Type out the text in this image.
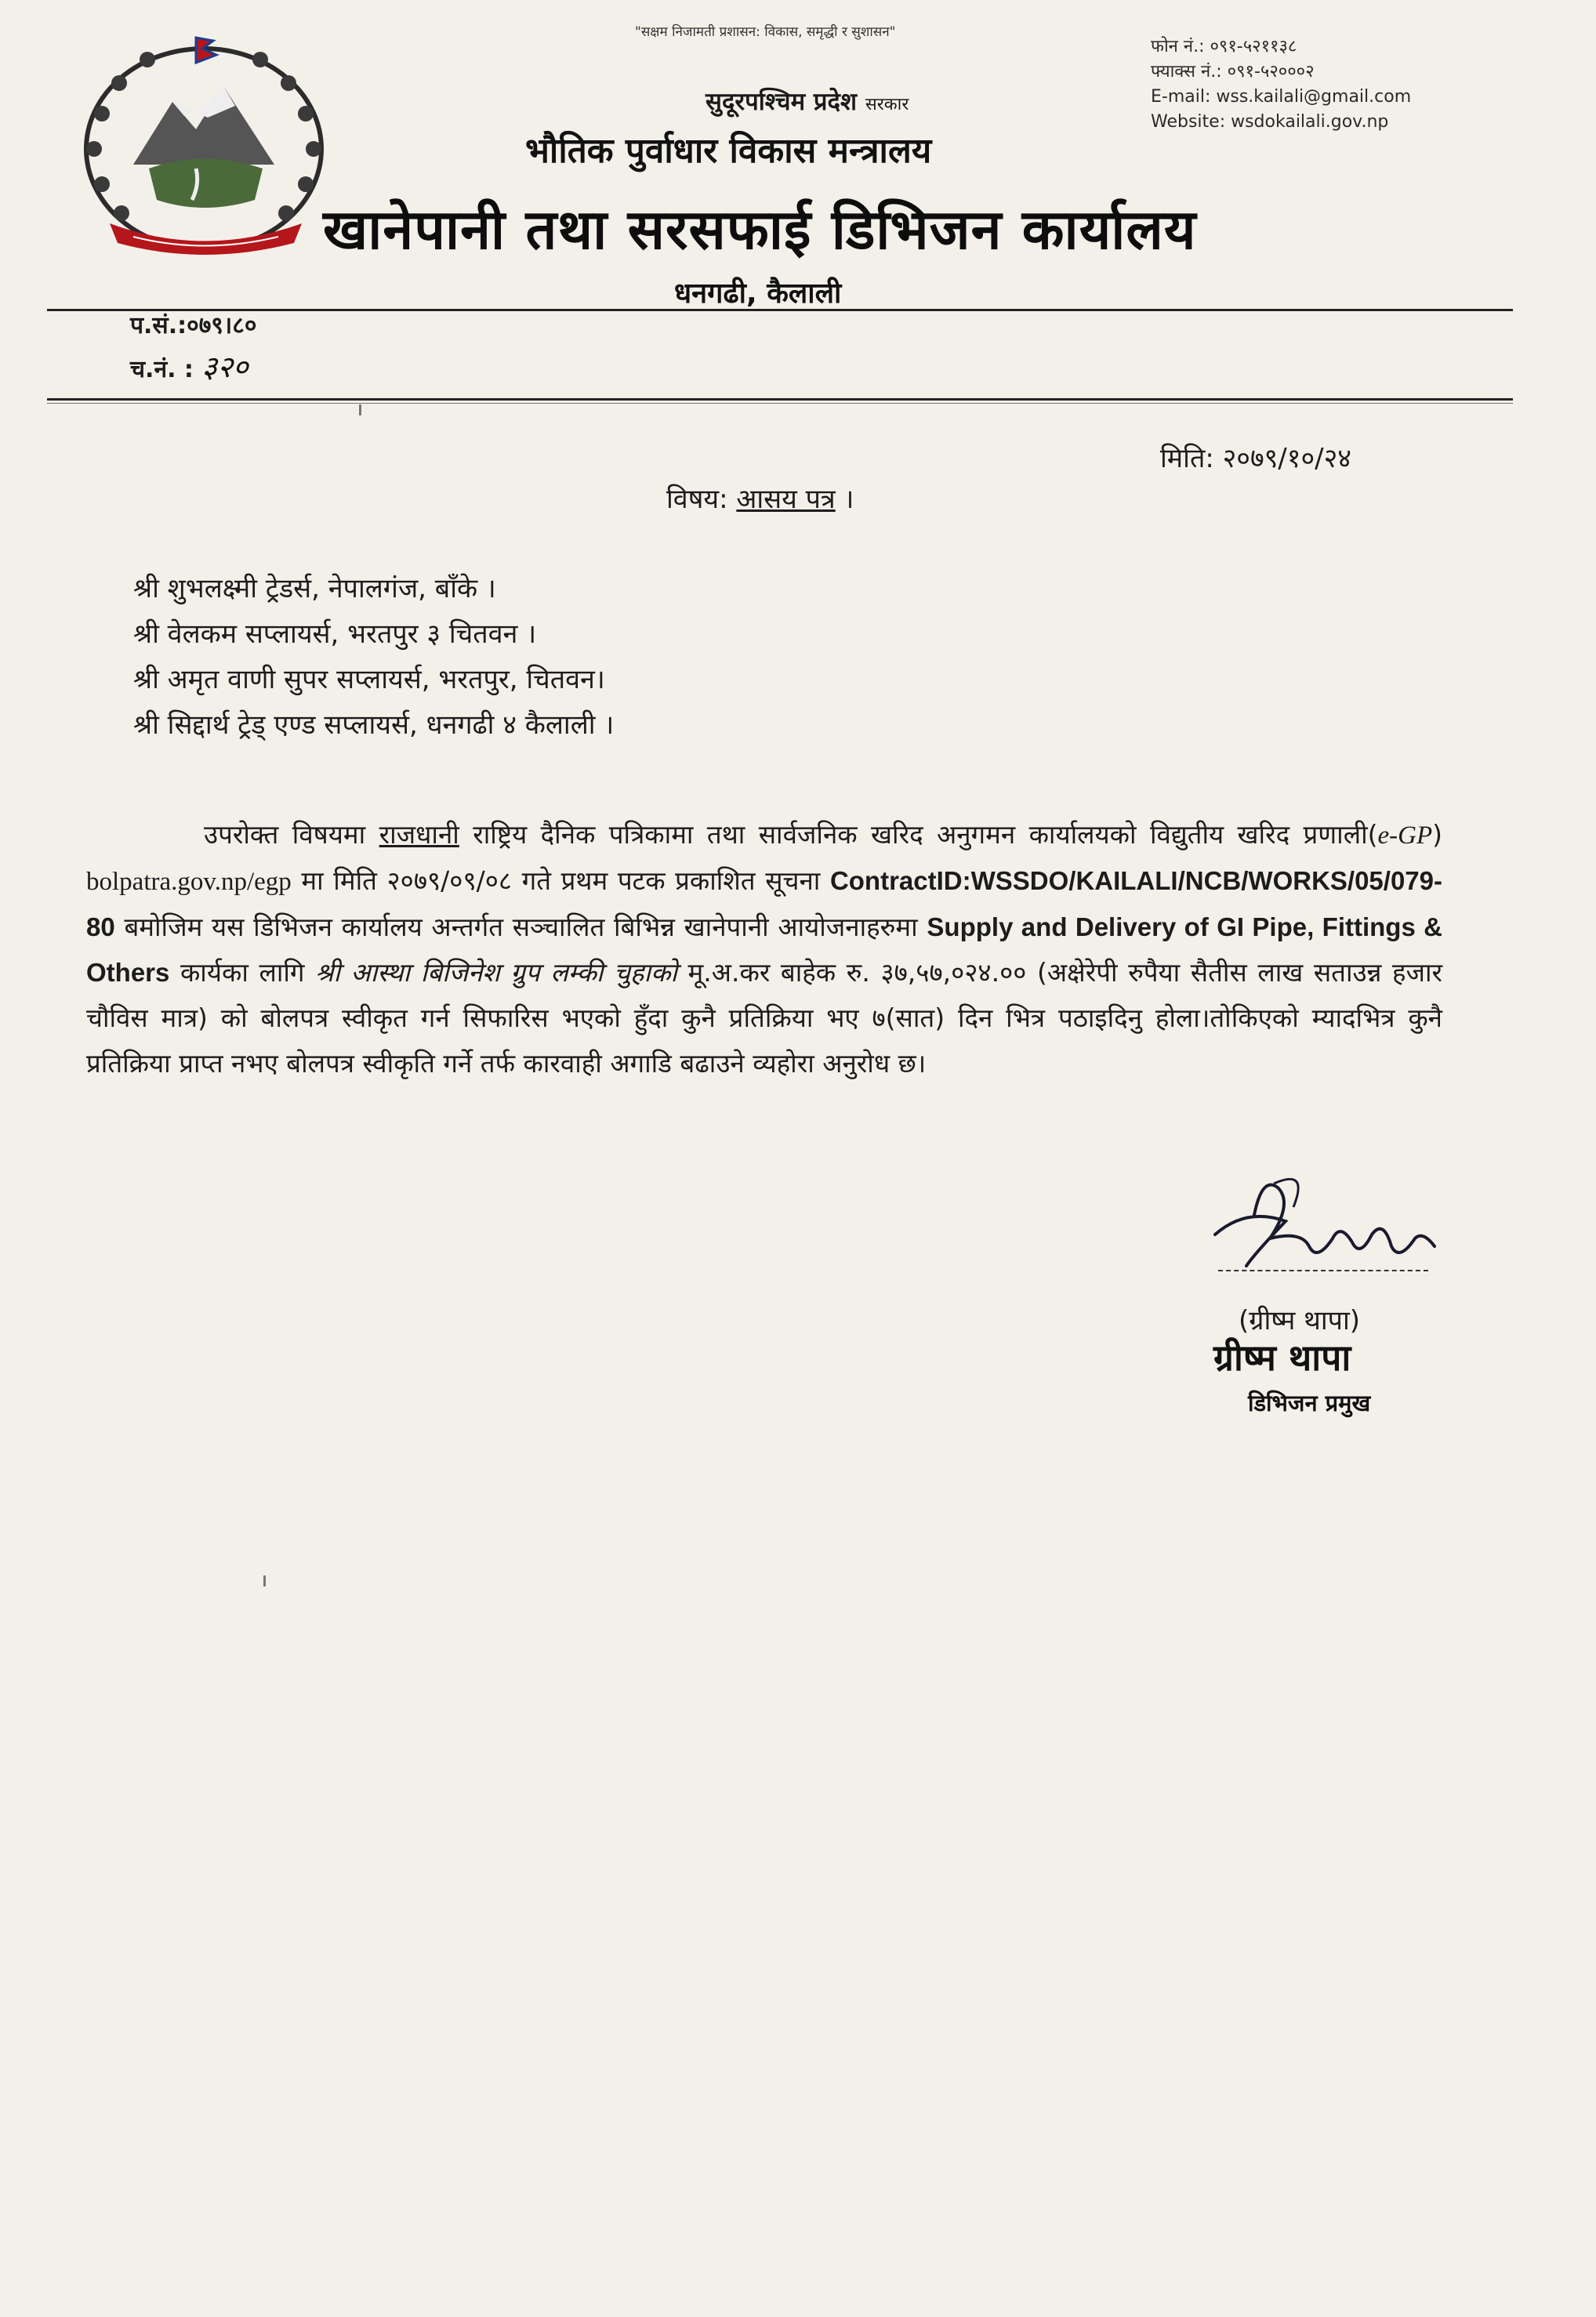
"सक्षम निजामती प्रशासन: विकास, समृद्धी र सुशासन"
सुदूरपश्चिम प्रदेश सरकार
भौतिक पुर्वाधार विकास मन्त्रालय
खानेपानी तथा सरसफाई डिभिजन कार्यालय
धनगढी, कैलाली
फोन नं.: ०९१-५२११३८
फ्याक्स नं.: ०९१-५२०००२
E-mail: wss.kailali@gmail.com
Website: wsdokailali.gov.np
प.सं.:०७९।८०
च.नं. : ३२०
मिति: २०७९/१०/२४
विषय: आसय पत्र ।
श्री शुभलक्ष्मी ट्रेडर्स, नेपालगंज, बाँके ।
श्री वेलकम सप्लायर्स, भरतपुर ३ चितवन ।
श्री अमृत वाणी सुपर सप्लायर्स, भरतपुर, चितवन।
श्री सिद्दार्थ ट्रेड् एण्ड सप्लायर्स, धनगढी ४ कैलाली ।
उपरोक्त विषयमा राजधानी राष्ट्रिय दैनिक पत्रिकामा तथा सार्वजनिक खरिद अनुगमन कार्यालयको विद्युतीय खरिद प्रणाली(e-GP) bolpatra.gov.np/egp मा मिति २०७९/०९/०८ गते प्रथम पटक प्रकाशित सूचना ContractID:WSSDO/KAILALI/NCB/WORKS/05/079-80 बमोजिम यस डिभिजन कार्यालय अन्तर्गत सञ्चालित बिभिन्न खानेपानी आयोजनाहरुमा Supply and Delivery of GI Pipe, Fittings & Others कार्यका लागि श्री आस्था बिजिनेश ग्रुप लम्की चुहाको मू.अ.कर बाहेक रु. ३७,५७,०२४.०० (अक्षेरेपी रुपैया सैतीस लाख सताउन्न हजार चौविस मात्र) को बोलपत्र स्वीकृत गर्न सिफारिस भएको हुँदा कुनै प्रतिक्रिया भए ७(सात) दिन भित्र पठाइदिनु होला।तोकिएको म्यादभित्र कुनै प्रतिक्रिया प्राप्त नभए बोलपत्र स्वीकृति गर्ने तर्फ कारवाही अगाडि बढाउने व्यहोरा अनुरोध छ।
(ग्रीष्म थापा)
ग्रीष्म थापा
डिभिजन प्रमुख
